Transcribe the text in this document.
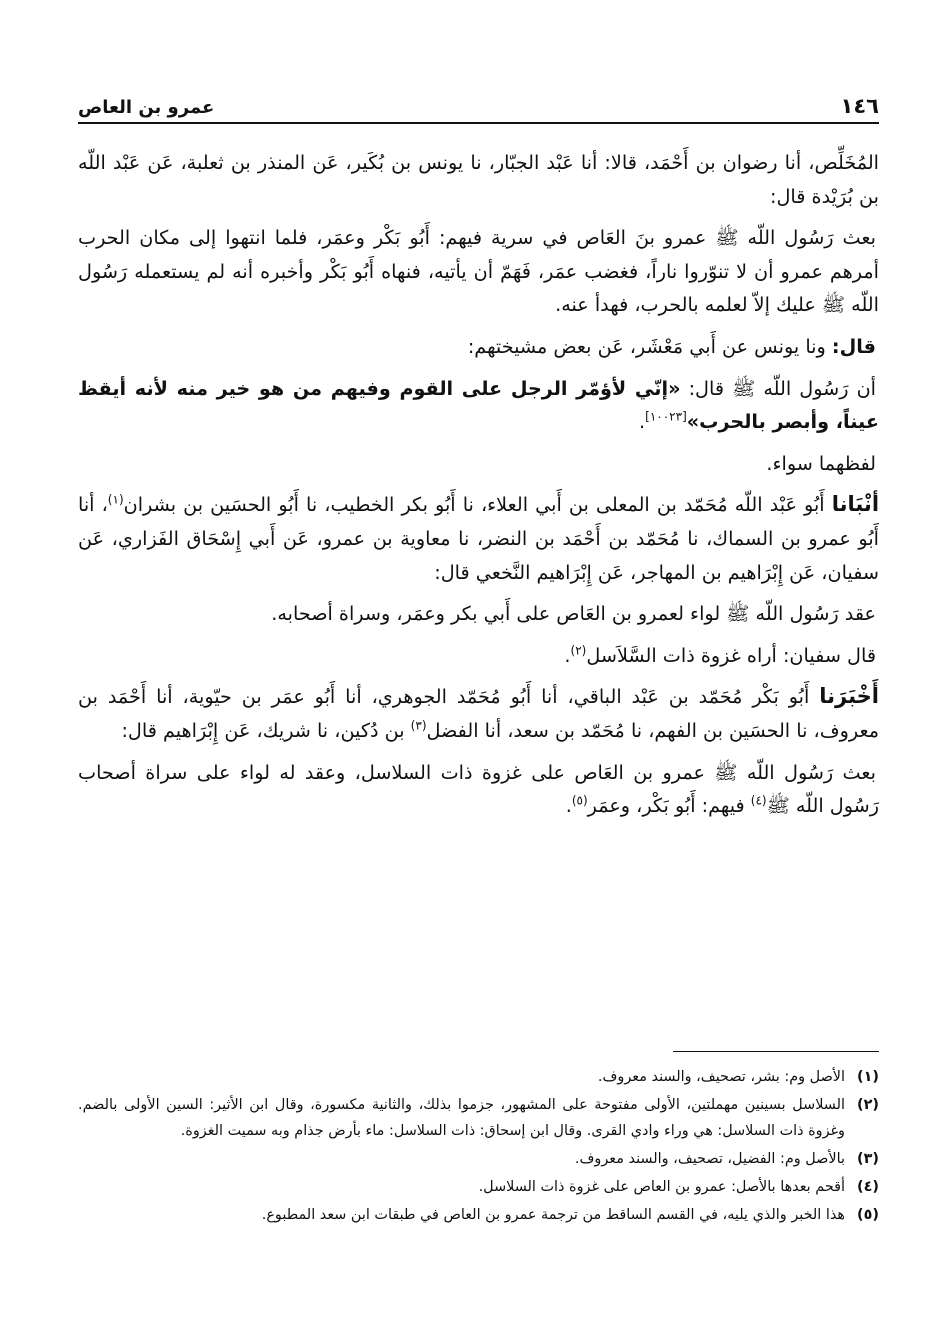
١٤٦
عمرو بن العاص

المُخَلِّص، أنا رضوان بن أَحْمَد، قالا: أنا عَبْد الجبّار، نا يونس بن بُكَير، عَن المنذر بن ثعلبة، عَن عَبْد اللّه بن بُرَيْدة قال:

بعث رَسُول اللّه ﷺ عمرو بنَ العَاص في سرية فيهم: أَبُو بَكْر وعمَر، فلما انتهوا إلى مكان الحرب أمرهم عمرو أن لا تنوّروا ناراً، فغضب عمَر، فَهَمّ أن يأتيه، فنهاه أَبُو بَكْر وأخبره أنه لم يستعمله رَسُول اللّه ﷺ عليك إلاّ لعلمه بالحرب، فهدأ عنه.

قال: ونا يونس عن أَبي مَعْشَر، عَن بعض مشيختهم:

أن رَسُول اللّه ﷺ قال: «إنّي لأؤمّر الرجل على القوم وفيهم من هو خير منه لأنه أيقظ عيناً، وأبصر بالحرب»[١٠٠٢٣].

لفظهما سواء.

أنْبَانا أَبُو عَبْد اللّه مُحَمّد بن المعلى بن أَبي العلاء، نا أَبُو بكر الخطيب، نا أَبُو الحسَين بن بشران$^{(١)}$، أنا أَبُو عمرو بن السماك، نا مُحَمّد بن أَحْمَد بن النضر، نا معاوية بن عمرو، عَن أَبي إِسْحَاق الفَزاري، عَن سفيان، عَن إِبْرَاهيم بن المهاجر، عَن إِبْرَاهيم النَّخعي قال:

عقد رَسُول اللّه ﷺ لواء لعمرو بن العَاص على أَبي بكر وعمَر، وسراة أصحابه.

قال سفيان: أراه غزوة ذات السَّلاَسل$^{(٢)}$.

أَخْبَرَنا أَبُو بَكْر مُحَمّد بن عَبْد الباقي، أنا أَبُو مُحَمّد الجوهري، أنا أَبُو عمَر بن حيّوية، أنا أَحْمَد بن معروف، نا الحسَين بن الفهم، نا مُحَمّد بن سعد، أنا الفضل$^{(٣)}$ بن دُكين، نا شريك، عَن إِبْرَاهيم قال:

بعث رَسُول اللّه ﷺ عمرو بن العَاص على غزوة ذات السلاسل، وعقد له لواء على سراة أصحاب رَسُول اللّه ﷺ$^{(٤)}$ فيهم: أَبُو بَكْر، وعمَر$^{(٥)}$.

(١)
الأصل وم: بشر، تصحيف، والسند معروف.
(٢)
السلاسل بسينين مهملتين، الأولى مفتوحة على المشهور، جزموا بذلك، والثانية مكسورة، وقال ابن الأثير: السين الأولى بالضم. وغزوة ذات السلاسل: هي وراء وادي القرى. وقال ابن إسحاق: ذات السلاسل: ماء بأرض جذام وبه سميت الغزوة.
(٣)
بالأصل وم: الفضيل، تصحيف، والسند معروف.
(٤)
أقحم بعدها بالأصل: عمرو بن العاص على غزوة ذات السلاسل.
(٥)
هذا الخبر والذي يليه، في القسم الساقط من ترجمة عمرو بن العاص في طبقات ابن سعد المطبوع.
